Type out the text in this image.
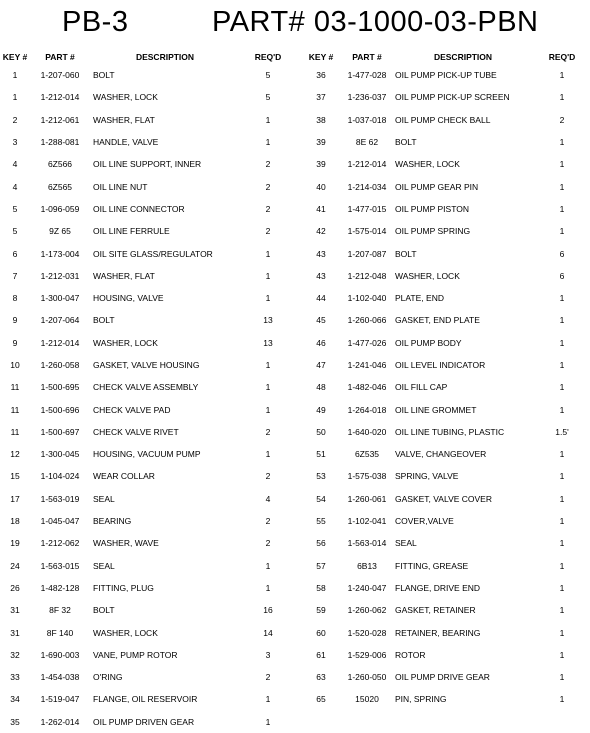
PB-3	PART# 03-1000-03-PBN
KEY #	PART #	DESCRIPTION	REQ'D
1	1-207-060	BOLT	5
1	1-212-014	WASHER, LOCK	5
2	1-212-061	WASHER, FLAT	1
3	1-288-081	HANDLE, VALVE	1
4	6Z566	OIL LINE SUPPORT, INNER	2
4	6Z565	OIL LINE NUT	2
5	1-096-059	OIL LINE CONNECTOR	2
5	9Z 65	OIL LINE FERRULE	2
6	1-173-004	OIL SITE GLASS/REGULATOR	1
7	1-212-031	WASHER, FLAT	1
8	1-300-047	HOUSING, VALVE	1
9	1-207-064	BOLT	13
9	1-212-014	WASHER, LOCK	13
10	1-260-058	GASKET, VALVE HOUSING	1
11	1-500-695	CHECK VALVE ASSEMBLY	1
11	1-500-696	CHECK VALVE PAD	1
11	1-500-697	CHECK VALVE RIVET	2
12	1-300-045	HOUSING, VACUUM PUMP	1
15	1-104-024	WEAR COLLAR	2
17	1-563-019	SEAL	4
18	1-045-047	BEARING	2
19	1-212-062	WASHER, WAVE	2
24	1-563-015	SEAL	1
26	1-482-128	FITTING, PLUG	1
31	8F 32	BOLT	16
31	8F 140	WASHER, LOCK	14
32	1-690-003	VANE, PUMP ROTOR	3
33	1-454-038	O'RING	2
34	1-519-047	FLANGE, OIL RESERVOIR	1
35	1-262-014	OIL PUMP DRIVEN GEAR	1
KEY #	PART #	DESCRIPTION	REQ'D
36	1-477-028	OIL PUMP PICK-UP TUBE	1
37	1-236-037	OIL PUMP PICK-UP SCREEN	1
38	1-037-018	OIL PUMP CHECK BALL	2
39	8E 62	BOLT	1
39	1-212-014	WASHER, LOCK	1
40	1-214-034	OIL PUMP GEAR PIN	1
41	1-477-015	OIL PUMP PISTON	1
42	1-575-014	OIL PUMP SPRING	1
43	1-207-087	BOLT	6
43	1-212-048	WASHER, LOCK	6
44	1-102-040	PLATE, END	1
45	1-260-066	GASKET, END PLATE	1
46	1-477-026	OIL PUMP BODY	1
47	1-241-046	OIL LEVEL INDICATOR	1
48	1-482-046	OIL FILL CAP	1
49	1-264-018	OIL LINE GROMMET	1
50	1-640-020	OIL LINE TUBING, PLASTIC	1.5'
51	6Z535	VALVE, CHANGEOVER	1
53	1-575-038	SPRING, VALVE	1
54	1-260-061	GASKET, VALVE COVER	1
55	1-102-041	COVER,VALVE	1
56	1-563-014	SEAL	1
57	6B13	FITTING, GREASE	1
58	1-240-047	FLANGE, DRIVE END	1
59	1-260-062	GASKET, RETAINER	1
60	1-520-028	RETAINER, BEARING	1
61	1-529-006	ROTOR	1
63	1-260-050	OIL PUMP DRIVE GEAR	1
65	15020	PIN, SPRING	1
